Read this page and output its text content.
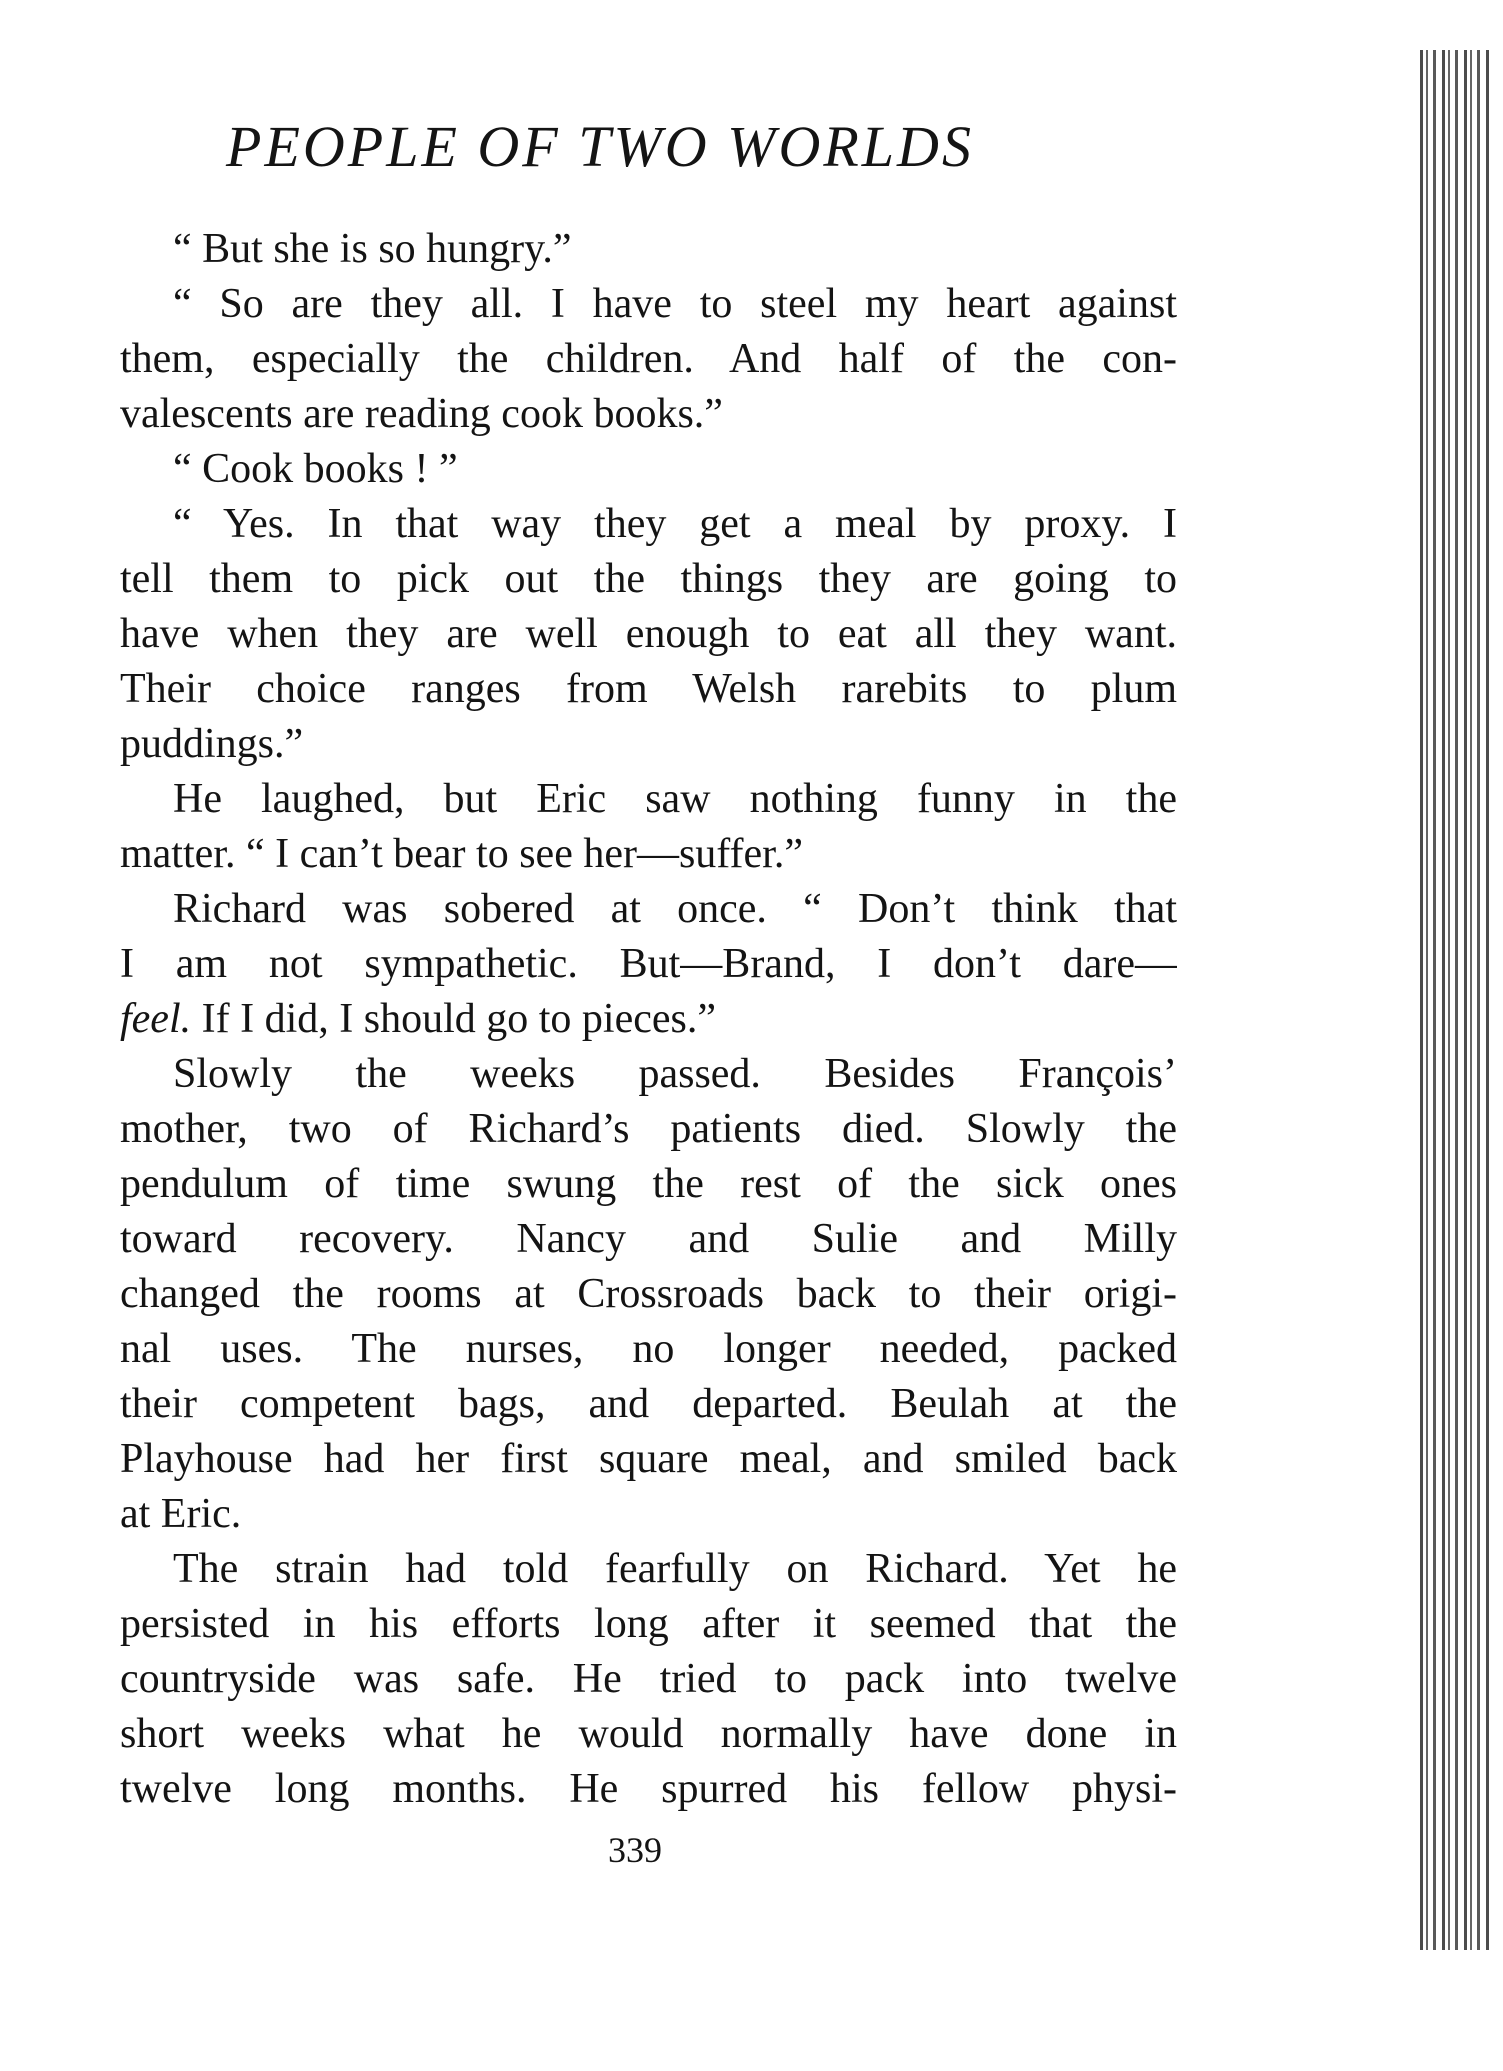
PEOPLE OF TWO WORLDS
“ But she is so hungry.”
“ So are they all. I have to steel my heart against
them, especially the children. And half of the con-
valescents are reading cook books.”
“ Cook books ! ”
“ Yes. In that way they get a meal by proxy. I
tell them to pick out the things they are going to
have when they are well enough to eat all they want.
Their choice ranges from Welsh rarebits to plum
puddings.”
He laughed, but Eric saw nothing funny in the
matter. “ I can’t bear to see her—suffer.”
Richard was sobered at once. “ Don’t think that
I am not sympathetic. But—Brand, I don’t dare—
feel. If I did, I should go to pieces.”
Slowly the weeks passed. Besides François’
mother, two of Richard’s patients died. Slowly the
pendulum of time swung the rest of the sick ones
toward recovery. Nancy and Sulie and Milly
changed the rooms at Crossroads back to their origi-
nal uses. The nurses, no longer needed, packed
their competent bags, and departed. Beulah at the
Playhouse had her first square meal, and smiled back
at Eric.
The strain had told fearfully on Richard. Yet he
persisted in his efforts long after it seemed that the
countryside was safe. He tried to pack into twelve
short weeks what he would normally have done in
twelve long months. He spurred his fellow physi-
339
